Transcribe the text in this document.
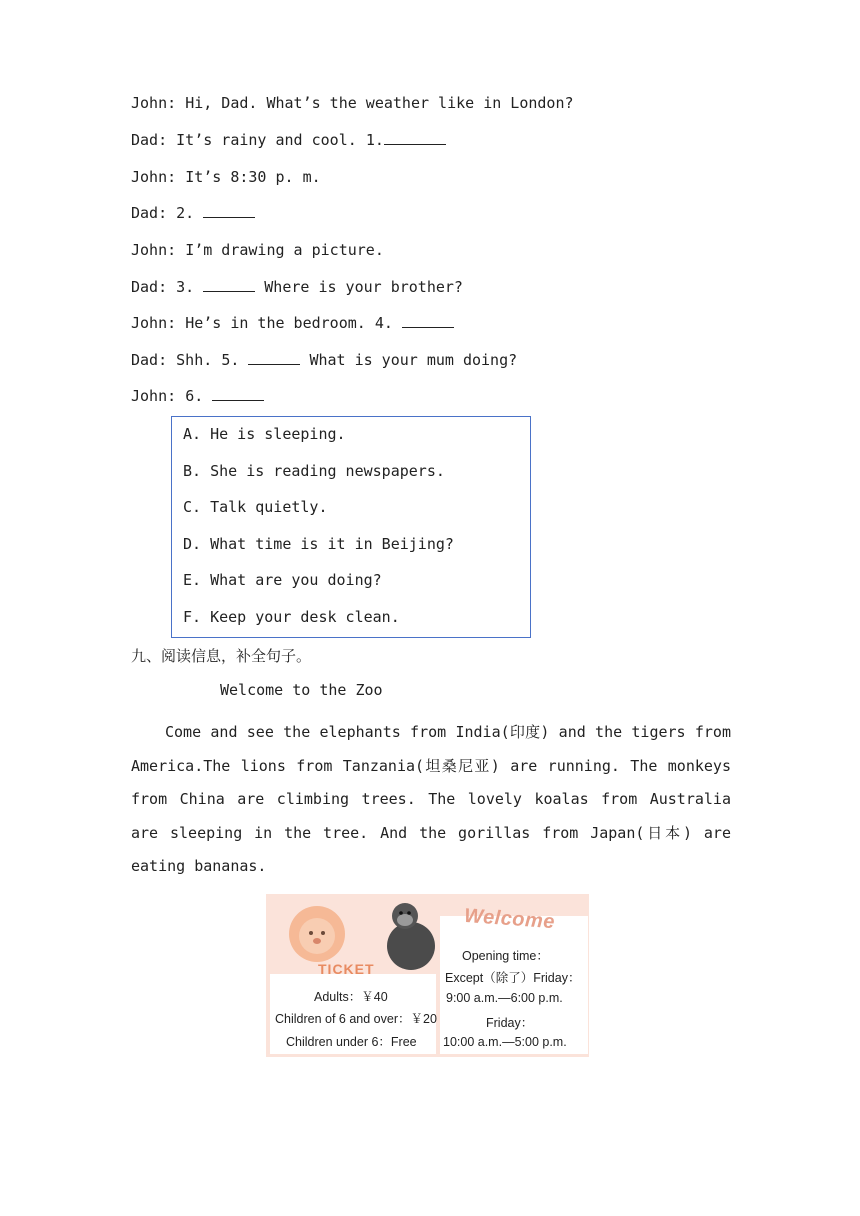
John: Hi, Dad. What’s the weather like in London?
Dad: It’s rainy and cool. 1.
John: It’s 8:30 p. m.
Dad: 2.
John: I’m drawing a picture.
Dad: 3.	Where is your brother?
John: He’s in the bedroom. 4.
Dad: Shh. 5.	What is your mum doing?
John: 6.
A. He is sleeping.
B. She is reading newspapers.
C. Talk quietly.
D. What time is it in Beijing?
E. What are you doing?
F. Keep your desk clean.
九、阅读信息，补全句子。
Welcome to the Zoo
Come and see the elephants from India(印度) and the tigers from America.The lions from Tanzania(坦桑尼亚) are running. The monkeys from China are climbing trees. The lovely koalas from Australia are sleeping in the tree. And the gorillas from Japan(日本) are eating bananas.
Opening time：
Except（除了）Friday：
9:00 a.m.—6:00 p.m.
Friday：
10:00 a.m.—5:00 p.m.
Welcome
Adults：￥40
Children of 6 and over：￥20
Children under 6：Free
TICKET
